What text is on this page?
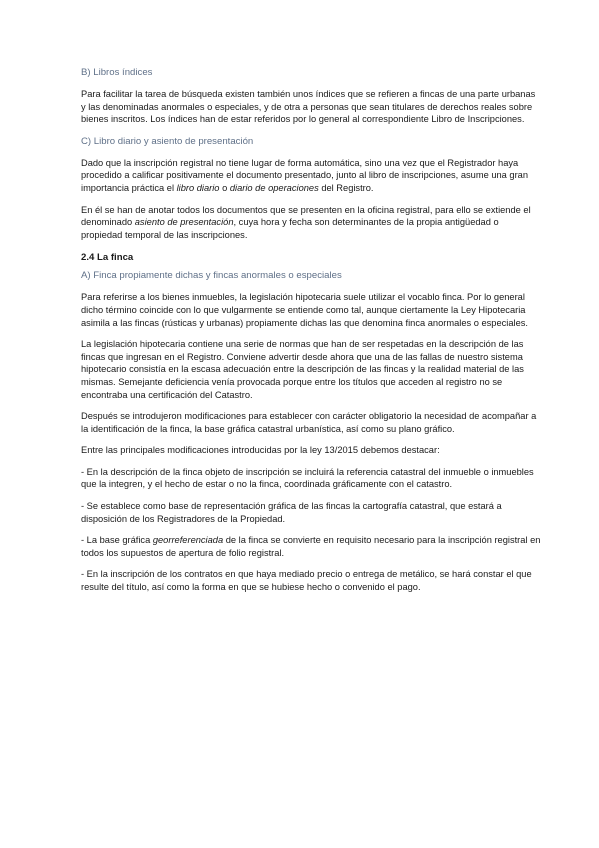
B) Libros índices

Para facilitar la tarea de búsqueda existen también unos índices que se refieren a fincas de una parte urbanas y las denominadas anormales o especiales, y de otra a personas que sean titulares de derechos reales sobre bienes inscritos. Los índices han de estar referidos por lo general al correspondiente Libro de Inscripciones.

C) Libro diario y asiento de presentación

Dado que la inscripción registral no tiene lugar de forma automática, sino una vez que el Registrador haya procedido a calificar positivamente el documento presentado, junto al libro de inscripciones, asume una gran importancia práctica el libro diario o diario de operaciones del Registro.

En él se han de anotar todos los documentos que se presenten en la oficina registral, para ello se extiende el denominado asiento de presentación, cuya hora y fecha son determinantes de la propia antigüedad o propiedad temporal de las inscripciones.

2.4 La finca

A) Finca propiamente dichas y fincas anormales o especiales

Para referirse a los bienes inmuebles, la legislación hipotecaria suele utilizar el vocablo finca. Por lo general dicho término coincide con lo que vulgarmente se entiende como tal, aunque ciertamente la Ley Hipotecaria asimila a las fincas (rústicas y urbanas) propiamente dichas las que denomina finca anormales o especiales.

La legislación hipotecaria contiene una serie de normas que han de ser respetadas en la descripción de las fincas que ingresan en el Registro. Conviene advertir desde ahora que una de las fallas de nuestro sistema hipotecario consistía en la escasa adecuación entre la descripción de las fincas y la realidad material de las mismas. Semejante deficiencia venía provocada porque entre los títulos que acceden al registro no se encontraba una certificación del Catastro.

Después se introdujeron modificaciones para establecer con carácter obligatorio la necesidad de acompañar a la identificación de la finca, la base gráfica catastral urbanística, así como su plano gráfico.

Entre las principales modificaciones introducidas por la ley 13/2015 debemos destacar:

- En la descripción de la finca objeto de inscripción se incluirá la referencia catastral del inmueble o inmuebles que la integren, y el hecho de estar o no la finca, coordinada gráficamente con el catastro.

- Se establece como base de representación gráfica de las fincas la cartografía catastral, que estará a disposición de los Registradores de la Propiedad.

- La base gráfica georreferenciada de la finca se convierte en requisito necesario para la inscripción registral en todos los supuestos de apertura de folio registral.

- En la inscripción de los contratos en que haya mediado precio o entrega de metálico, se hará constar el que resulte del título, así como la forma en que se hubiese hecho o convenido el pago.
